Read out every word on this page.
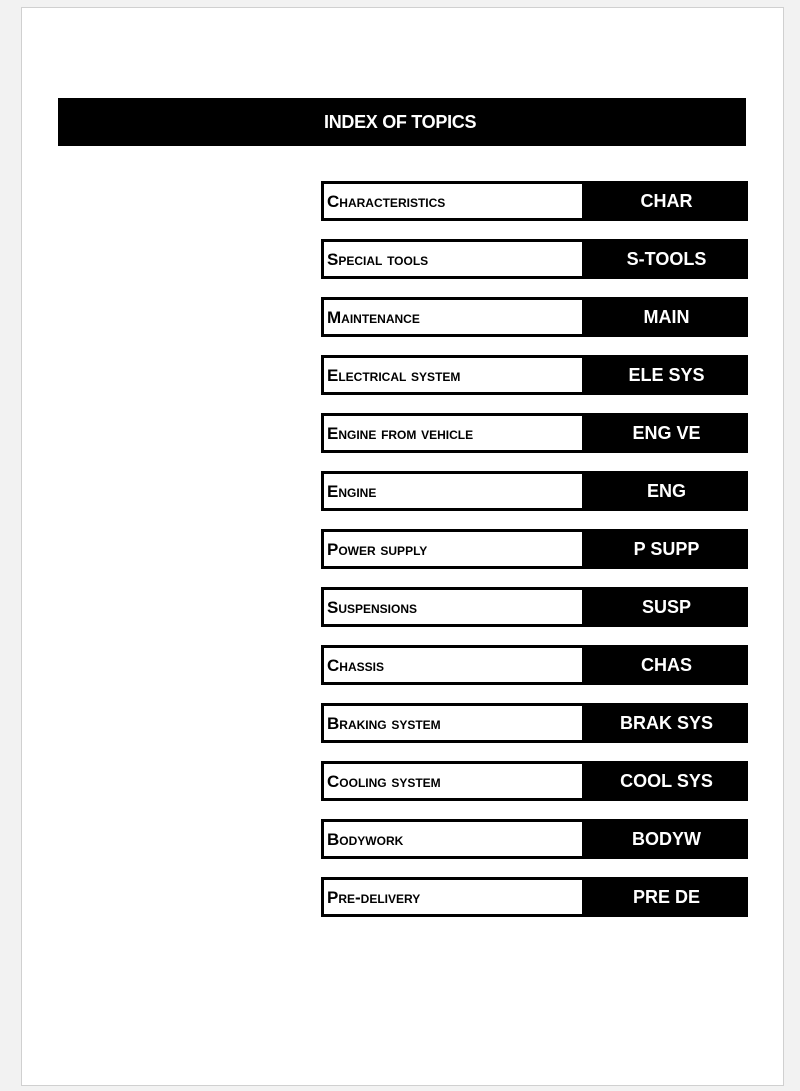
INDEX OF TOPICS
Characteristics	CHAR
Special tools	S-TOOLS
Maintenance	MAIN
Electrical system	ELE SYS
Engine from vehicle	ENG VE
Engine	ENG
Power supply	P SUPP
Suspensions	SUSP
Chassis	CHAS
Braking system	BRAK SYS
Cooling system	COOL SYS
Bodywork	BODYW
Pre-delivery	PRE DE
